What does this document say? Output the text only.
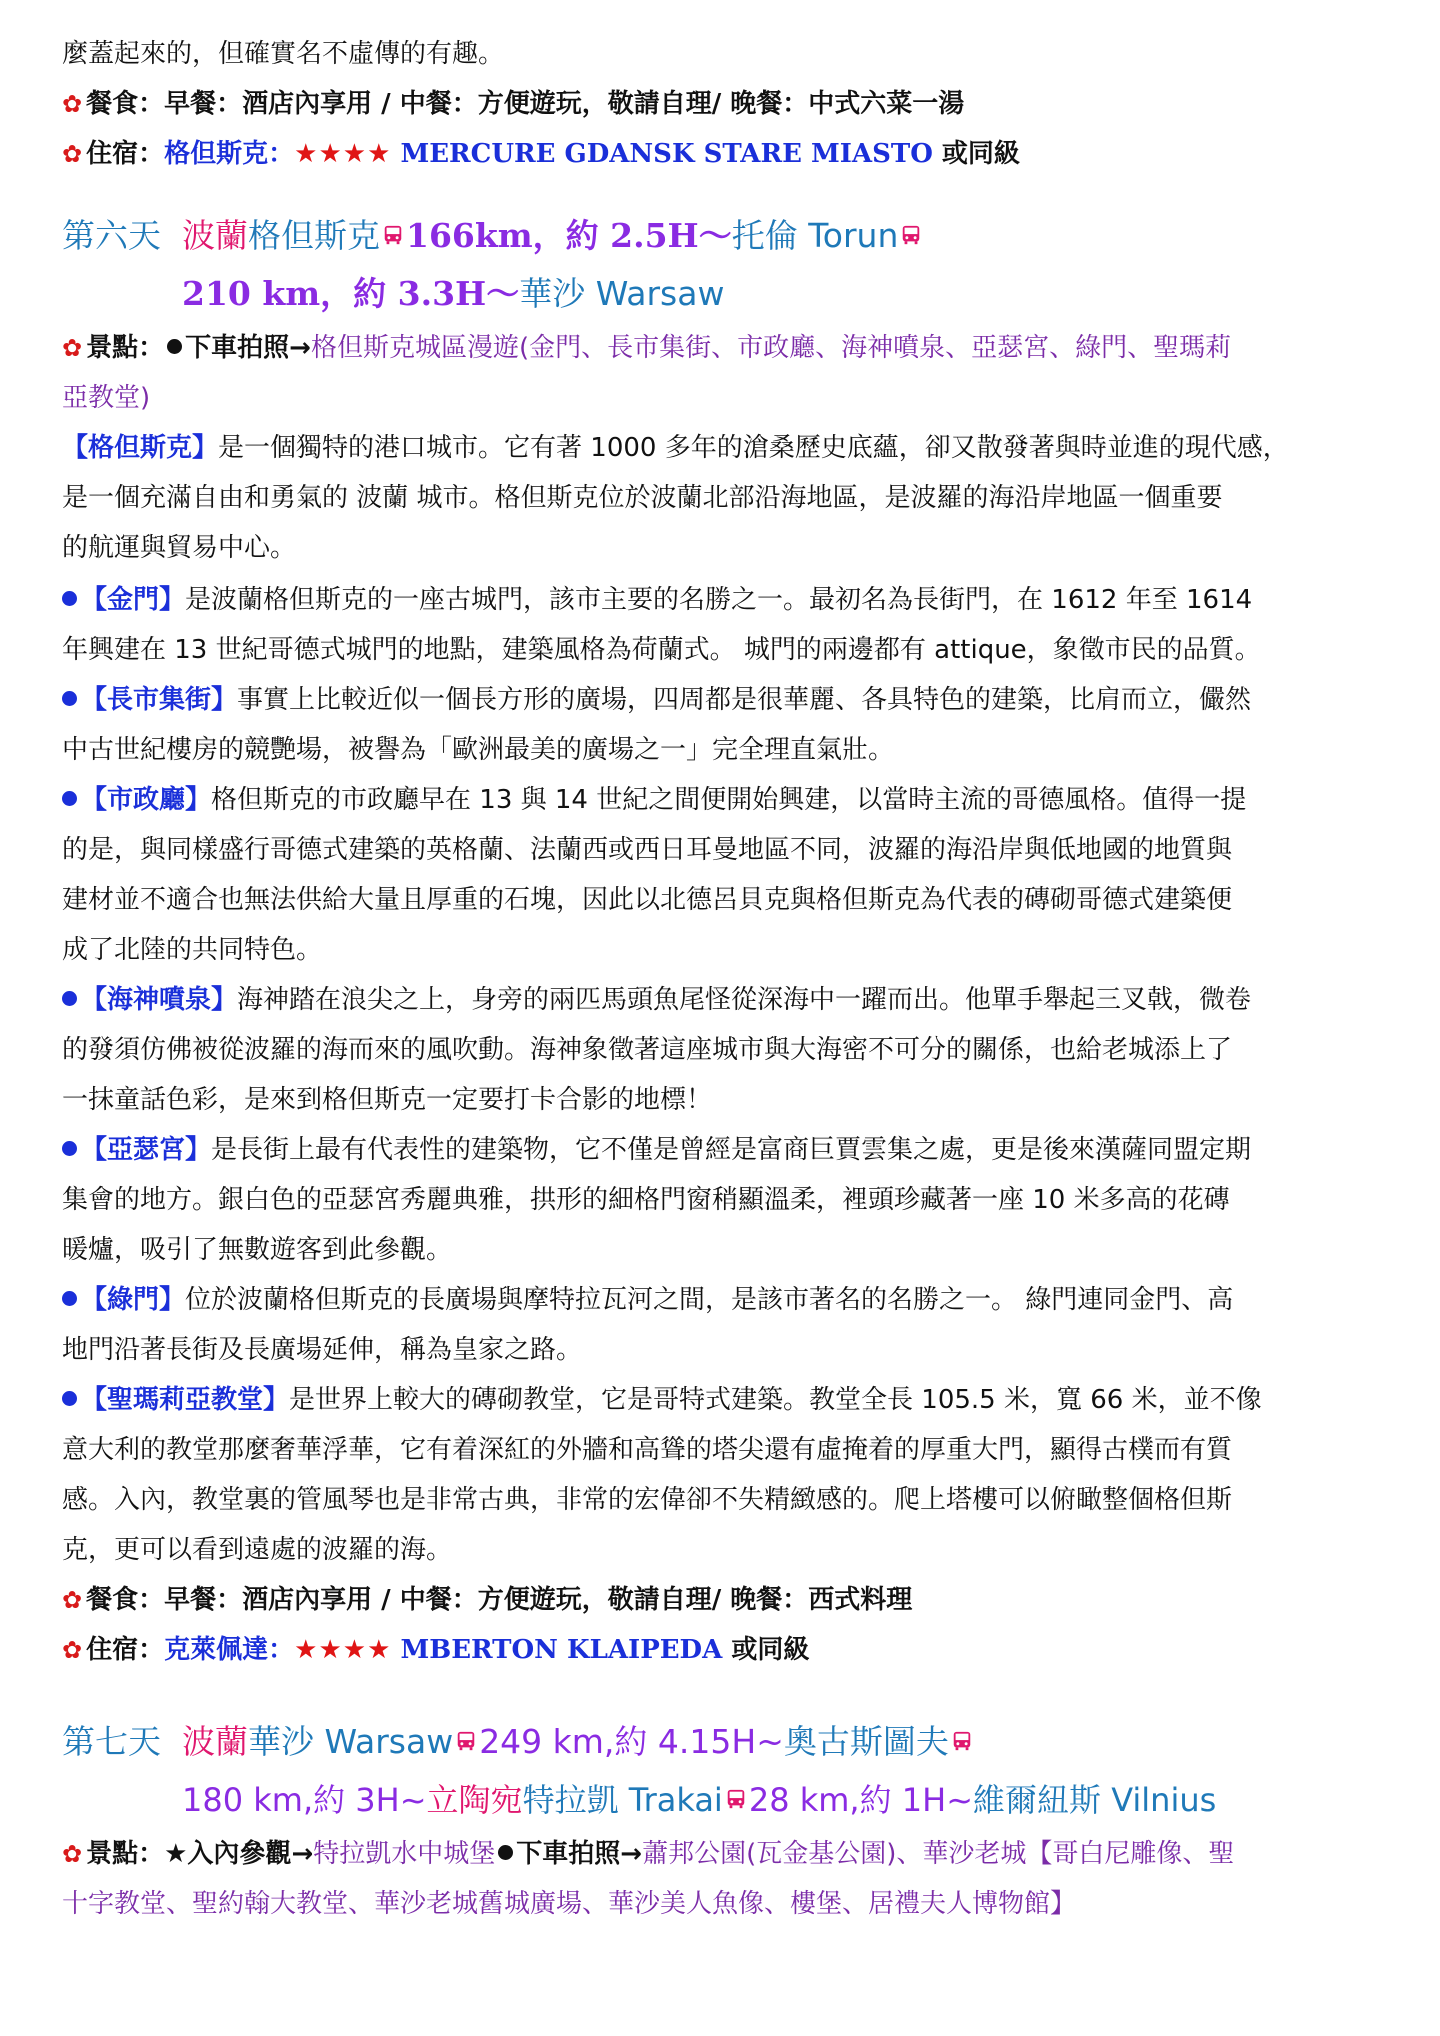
麼蓋起來的，但確實名不虛傳的有趣。
✿ 餐食：早餐：酒店內享用 / 中餐：方便遊玩，敬請自理/ 晚餐：中式六菜一湯
✿ 住宿：格但斯克：★★★★ MERCURE GDANSK STARE MIASTO 或同級
第六天 波蘭格但斯克 166km，約 2.5H～托倫 Torun
210 km，約 3.3H～華沙 Warsaw
✿ 景點： 下車拍照→格但斯克城區漫遊(金門、長市集街、市政廳、海神噴泉、亞瑟宮、綠門、聖瑪莉
亞教堂)
【格但斯克】是一個獨特的港口城市。它有著 1000 多年的滄桑歷史底蘊，卻又散發著與時並進的現代感，
是一個充滿自由和勇氣的 波蘭 城市。格但斯克位於波蘭北部沿海地區，是波羅的海沿岸地區一個重要
的航運與貿易中心。
【金門】是波蘭格但斯克的一座古城門，該市主要的名勝之一。最初名為長街門，在 1612 年至 1614
年興建在 13 世紀哥德式城門的地點，建築風格為荷蘭式。 城門的兩邊都有 attique，象徵市民的品質。
【長市集街】事實上比較近似一個長方形的廣場，四周都是很華麗、各具特色的建築，比肩而立，儼然
中古世紀樓房的競艷場，被譽為「歐洲最美的廣場之一」完全理直氣壯。
【市政廳】格但斯克的市政廳早在 13 與 14 世紀之間便開始興建，以當時主流的哥德風格。值得一提
的是，與同樣盛行哥德式建築的英格蘭、法蘭西或西日耳曼地區不同，波羅的海沿岸與低地國的地質與
建材並不適合也無法供給大量且厚重的石塊，因此以北德呂貝克與格但斯克為代表的磚砌哥德式建築便
成了北陸的共同特色。
【海神噴泉】海神踏在浪尖之上，身旁的兩匹馬頭魚尾怪從深海中一躍而出。他單手舉起三叉戟，微卷
的發須仿佛被從波羅的海而來的風吹動。海神象徵著這座城市與大海密不可分的關係，也給老城添上了
一抹童話色彩，是來到格但斯克一定要打卡合影的地標！
【亞瑟宮】是長街上最有代表性的建築物，它不僅是曾經是富商巨賈雲集之處，更是後來漢薩同盟定期
集會的地方。銀白色的亞瑟宮秀麗典雅，拱形的細格門窗稍顯溫柔，裡頭珍藏著一座 10 米多高的花磚
暖爐，吸引了無數遊客到此參觀。
【綠門】位於波蘭格但斯克的長廣場與摩特拉瓦河之間，是該市著名的名勝之一。 綠門連同金門、高
地門沿著長街及長廣場延伸，稱為皇家之路。
【聖瑪莉亞教堂】是世界上較大的磚砌教堂，它是哥特式建築。教堂全長 105.5 米，寬 66 米，並不像
意大利的教堂那麼奢華浮華，它有着深紅的外牆和高聳的塔尖還有虛掩着的厚重大門，顯得古樸而有質
感。入內，教堂裏的管風琴也是非常古典，非常的宏偉卻不失精緻感的。爬上塔樓可以俯瞰整個格但斯
克，更可以看到遠處的波羅的海。
✿ 餐食：早餐：酒店內享用 / 中餐：方便遊玩，敬請自理/ 晚餐：西式料理
✿ 住宿：克萊佩達：★★★★ MBERTON KLAIPEDA 或同級
第七天 波蘭華沙 Warsaw 249 km,約 4.15H~奧古斯圖夫
180 km,約 3H~立陶宛特拉凱 Trakai 28 km,約 1H~維爾紐斯 Vilnius
✿ 景點：★入內參觀→特拉凱水中城堡 下車拍照→蕭邦公園(瓦金基公園)、華沙老城【哥白尼雕像、聖
十字教堂、聖約翰大教堂、華沙老城舊城廣場、華沙美人魚像、樓堡、居禮夫人博物館】
